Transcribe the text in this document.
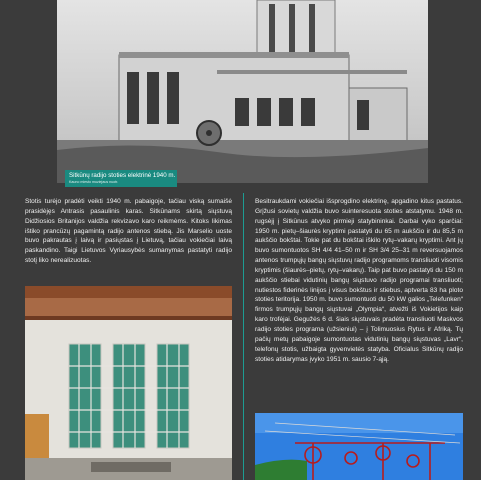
Sitkūnų radijo stoties elektrinė 1940 m.
Kauno miesto muziejaus nuotr.

Stotis turėjo pradėti veikti 1940 m. pabaigoje, tačiau viską sumaišė prasidėjęs Antrasis pasaulinis karas. Sitkūnams skirtą siųstuvą Didžiosios Britanijos valdžia rekvizavo karo reikmėms. Kitoks likimas ištiko prancūzų pagamintą radijo antenos stiebą. Jis Marselio uoste buvo pakrautas į laivą ir pasiųstas į Lietuvą, tačiau vokiečiai laivą paskandino. Taigi Lietuvos Vyriausybės sumanymas pastatyti radijo stotį liko nerealizuotas.

Besitraukdami vokiečiai išsprogdino elektrinę, apgadino kitus pastatus. Grįžusi sovietų valdžia buvo suinteresuota stoties atstatymu. 1948 m. rugsėjį į Sitkūnus atvyko pirmieji statybininkai. Darbai vyko sparčiai: 1950 m. pietų–šiaurės kryptimi pastatyti du 65 m aukščio ir du 85,5 m aukščio bokštai. Tokie pat du bokštai iškilo rytų–vakarų kryptimi. Ant jų buvo sumontuotos SH 4/4 41–50 m ir SH 3/4 25–31 m reversuojamos antenos trumpųjų bangų siųstuvų radijo programoms transliuoti visomis kryptimis (šiaurės–pietų, rytų–vakarų). Taip pat buvo pastatyti du 150 m aukščio stiebai vidutinių bangų siųstuvo radijo programai transliuoti; nutiestos fiderinės linijos į visus bokštus ir stiebus, aptverta 83 ha ploto stoties teritorija. 1950 m. buvo sumontuoti du 50 kW galios „Telefunken“ firmos trumpųjų bangų siųstuvai „Olympia“, atvežti iš Vokietijos kaip karo trofėjai. Gegužės 6 d. šiais siųstuvais pradėta transliuoti Maskvos radijo stoties programa (užsieniui) – į Tolimuosius Rytus ir Afriką. Tų pačių metų pabaigoje sumontuotas vidutinių bangų siųstuvas „Lavr“, telefonų stotis, užbaigta gyvenvietės statyba. Oficialus Sitkūnų radijo stoties atidarymas įvyko 1951 m. sausio 7-ąją.
